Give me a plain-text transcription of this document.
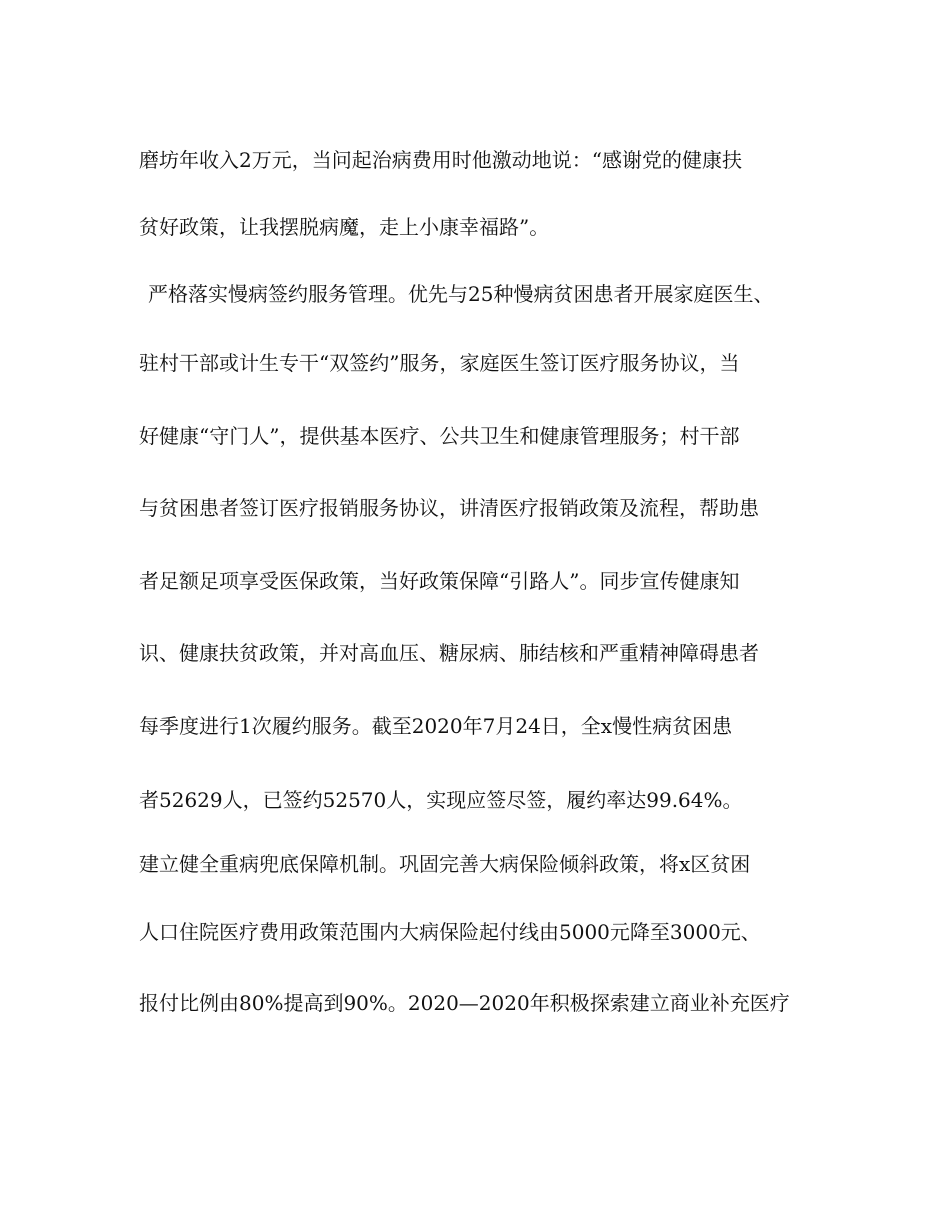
磨坊年收入2万元，当问起治病费用时他激动地说：“感谢党的健康扶

贫好政策，让我摆脱病魔，走上小康幸福路”。

严格落实慢病签约服务管理。优先与25种慢病贫困患者开展家庭医生、

驻村干部或计生专干“双签约”服务，家庭医生签订医疗服务协议，当

好健康“守门人”，提供基本医疗、公共卫生和健康管理服务；村干部

与贫困患者签订医疗报销服务协议，讲清医疗报销政策及流程，帮助患

者足额足项享受医保政策，当好政策保障“引路人”。同步宣传健康知

识、健康扶贫政策，并对高血压、糖尿病、肺结核和严重精神障碍患者

每季度进行1次履约服务。截至2020年7月24日，全x慢性病贫困患

者52629人，已签约52570人，实现应签尽签，履约率达99.64%。

建立健全重病兜底保障机制。巩固完善大病保险倾斜政策，将x区贫困

人口住院医疗费用政策范围内大病保险起付线由5000元降至3000元、

报付比例由80%提高到90%。2020—2020年积极探索建立商业补充医疗
